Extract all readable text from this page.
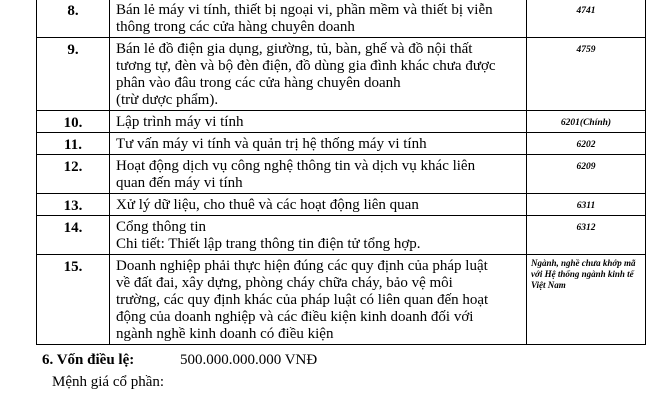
8.	Bán lẻ máy vi tính, thiết bị ngoại vi, phần mềm và thiết bị viễn
thông trong các cửa hàng chuyên doanh	4741
9.	Bán lẻ đồ điện gia dụng, giường, tủ, bàn, ghế và đồ nội thất
tương tự, đèn và bộ đèn điện, đồ dùng gia đình khác chưa được
phân vào đâu trong các cửa hàng chuyên doanh
(trừ dược phẩm).	4759
10.	Lập trình máy vi tính	6201(Chính)
11.	Tư vấn máy vi tính và quản trị hệ thống máy vi tính	6202
12.	Hoạt động dịch vụ công nghệ thông tin và dịch vụ khác liên
quan đến máy vi tính	6209
13.	Xử lý dữ liệu, cho thuê và các hoạt động liên quan	6311
14.	Cổng thông tin
Chi tiết: Thiết lập trang thông tin điện tử tổng hợp.	6312
15.	Doanh nghiệp phải thực hiện đúng các quy định của pháp luật
về đất đai, xây dựng, phòng cháy chữa cháy, bảo vệ môi
trường, các quy định khác của pháp luật có liên quan đến hoạt
động của doanh nghiệp và các điều kiện kinh doanh đối với
ngành nghề kinh doanh có điều kiện	Ngành, nghề chưa khớp mã với Hệ thống ngành kinh tế Việt Nam
6. Vốn điều lệ:	500.000.000.000 VNĐ
Mệnh giá cổ phần:
